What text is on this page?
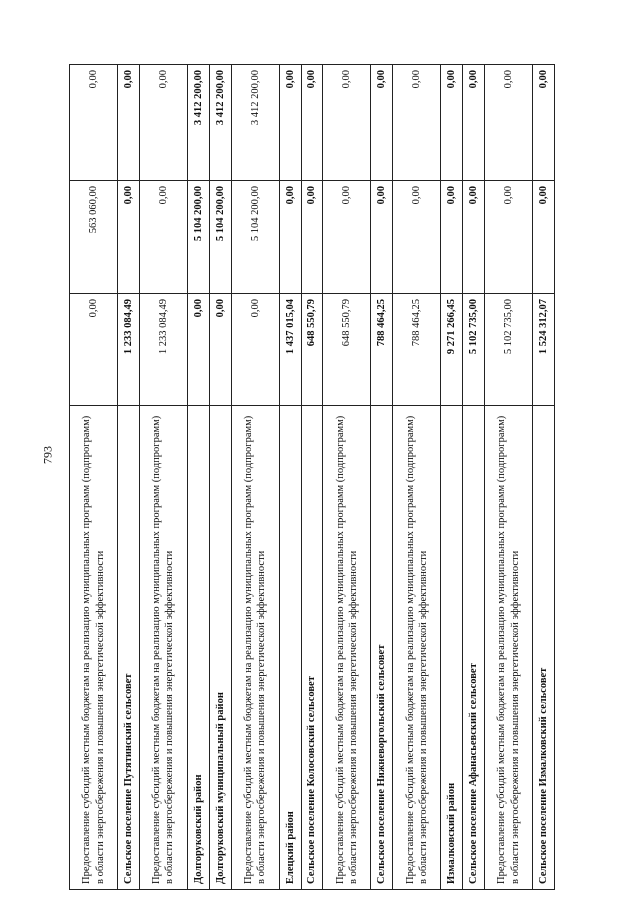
793	Предоставление субсидий местным бюджетам на реализацию муниципальных программ (подпрограмм) в области энергосбережения и повышения энергетической эффективности	0,00	563 060,00	0,00
Сельское поселение Путятинский сельсовет	1 233 084,49	0,00	0,00
Предоставление субсидий местным бюджетам на реализацию муниципальных программ (подпрограмм) в области энергосбережения и повышения энергетической эффективности	1 233 084,49	0,00	0,00
Долгоруковский район	0,00	5 104 200,00	3 412 200,00
Долгоруковский муниципальный район	0,00	5 104 200,00	3 412 200,00
Предоставление субсидий местным бюджетам на реализацию муниципальных программ (подпрограмм) в области энергосбережения и повышения энергетической эффективности	0,00	5 104 200,00	3 412 200,00
Елецкий район	1 437 015,04	0,00	0,00
Сельское поселение Колосовский сельсовет	648 550,79	0,00	0,00
Предоставление субсидий местным бюджетам на реализацию муниципальных программ (подпрограмм) в области энергосбережения и повышения энергетической эффективности	648 550,79	0,00	0,00
Сельское поселение Нижневоргольский сельсовет	788 464,25	0,00	0,00
Предоставление субсидий местным бюджетам на реализацию муниципальных программ (подпрограмм) в области энергосбережения и повышения энергетической эффективности	788 464,25	0,00	0,00
Измалковский район	9 271 266,45	0,00	0,00
Сельское поселение Афанасьевский сельсовет	5 102 735,00	0,00	0,00
Предоставление субсидий местным бюджетам на реализацию муниципальных программ (подпрограмм) в области энергосбережения и повышения энергетической эффективности	5 102 735,00	0,00	0,00
Сельское поселение Измалковский сельсовет	1 524 312,07	0,00	0,00
